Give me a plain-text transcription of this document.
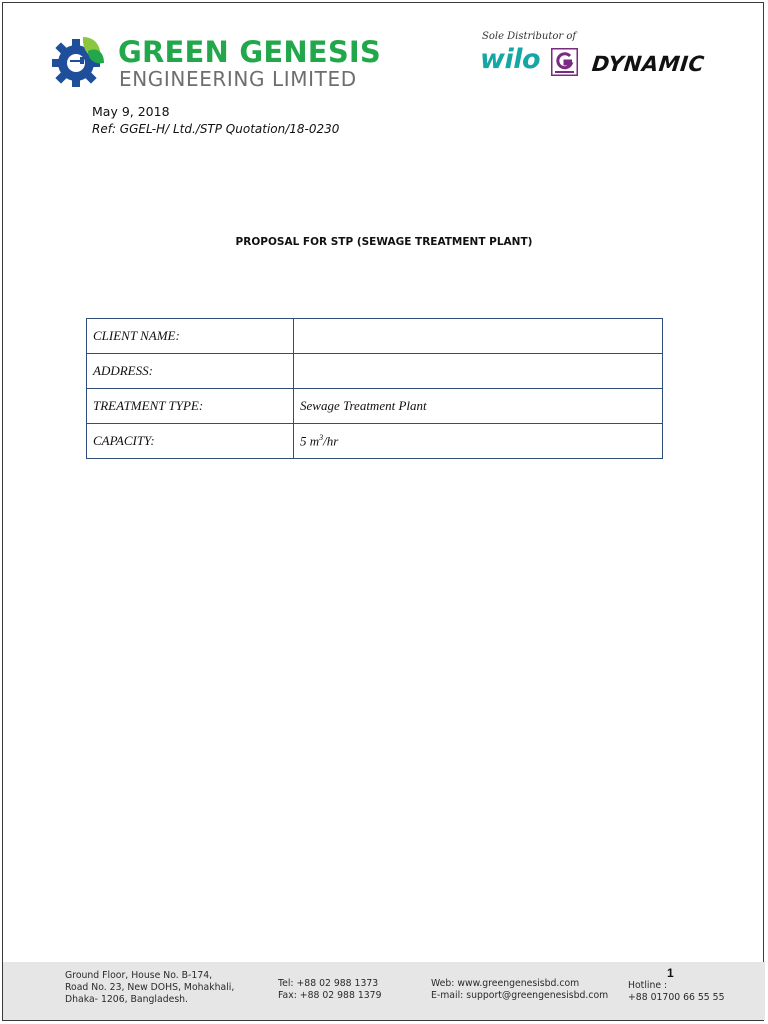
GREEN GENESIS
ENGINEERING LIMITED
Sole Distributor of
wilo DYNAMIC
May 9, 2018
Ref: GGEL-H/ Ltd./STP Quotation/18-0230
PROPOSAL FOR STP (SEWAGE TREATMENT PLANT)
CLIENT NAME:	
ADDRESS:	
TREATMENT TYPE:	Sewage Treatment Plant
CAPACITY:	5 $m^3/hr$
Ground Floor, House No. B-174,
Road No. 23, New DOHS, Mohakhali,
Dhaka- 1206, Bangladesh.
Tel: +88 02 988 1373
Fax: +88 02 988 1379
Web: www.greengenesisbd.com
E-mail: support@greengenesisbd.com
1
Hotline :
+88 01700 66 55 55
